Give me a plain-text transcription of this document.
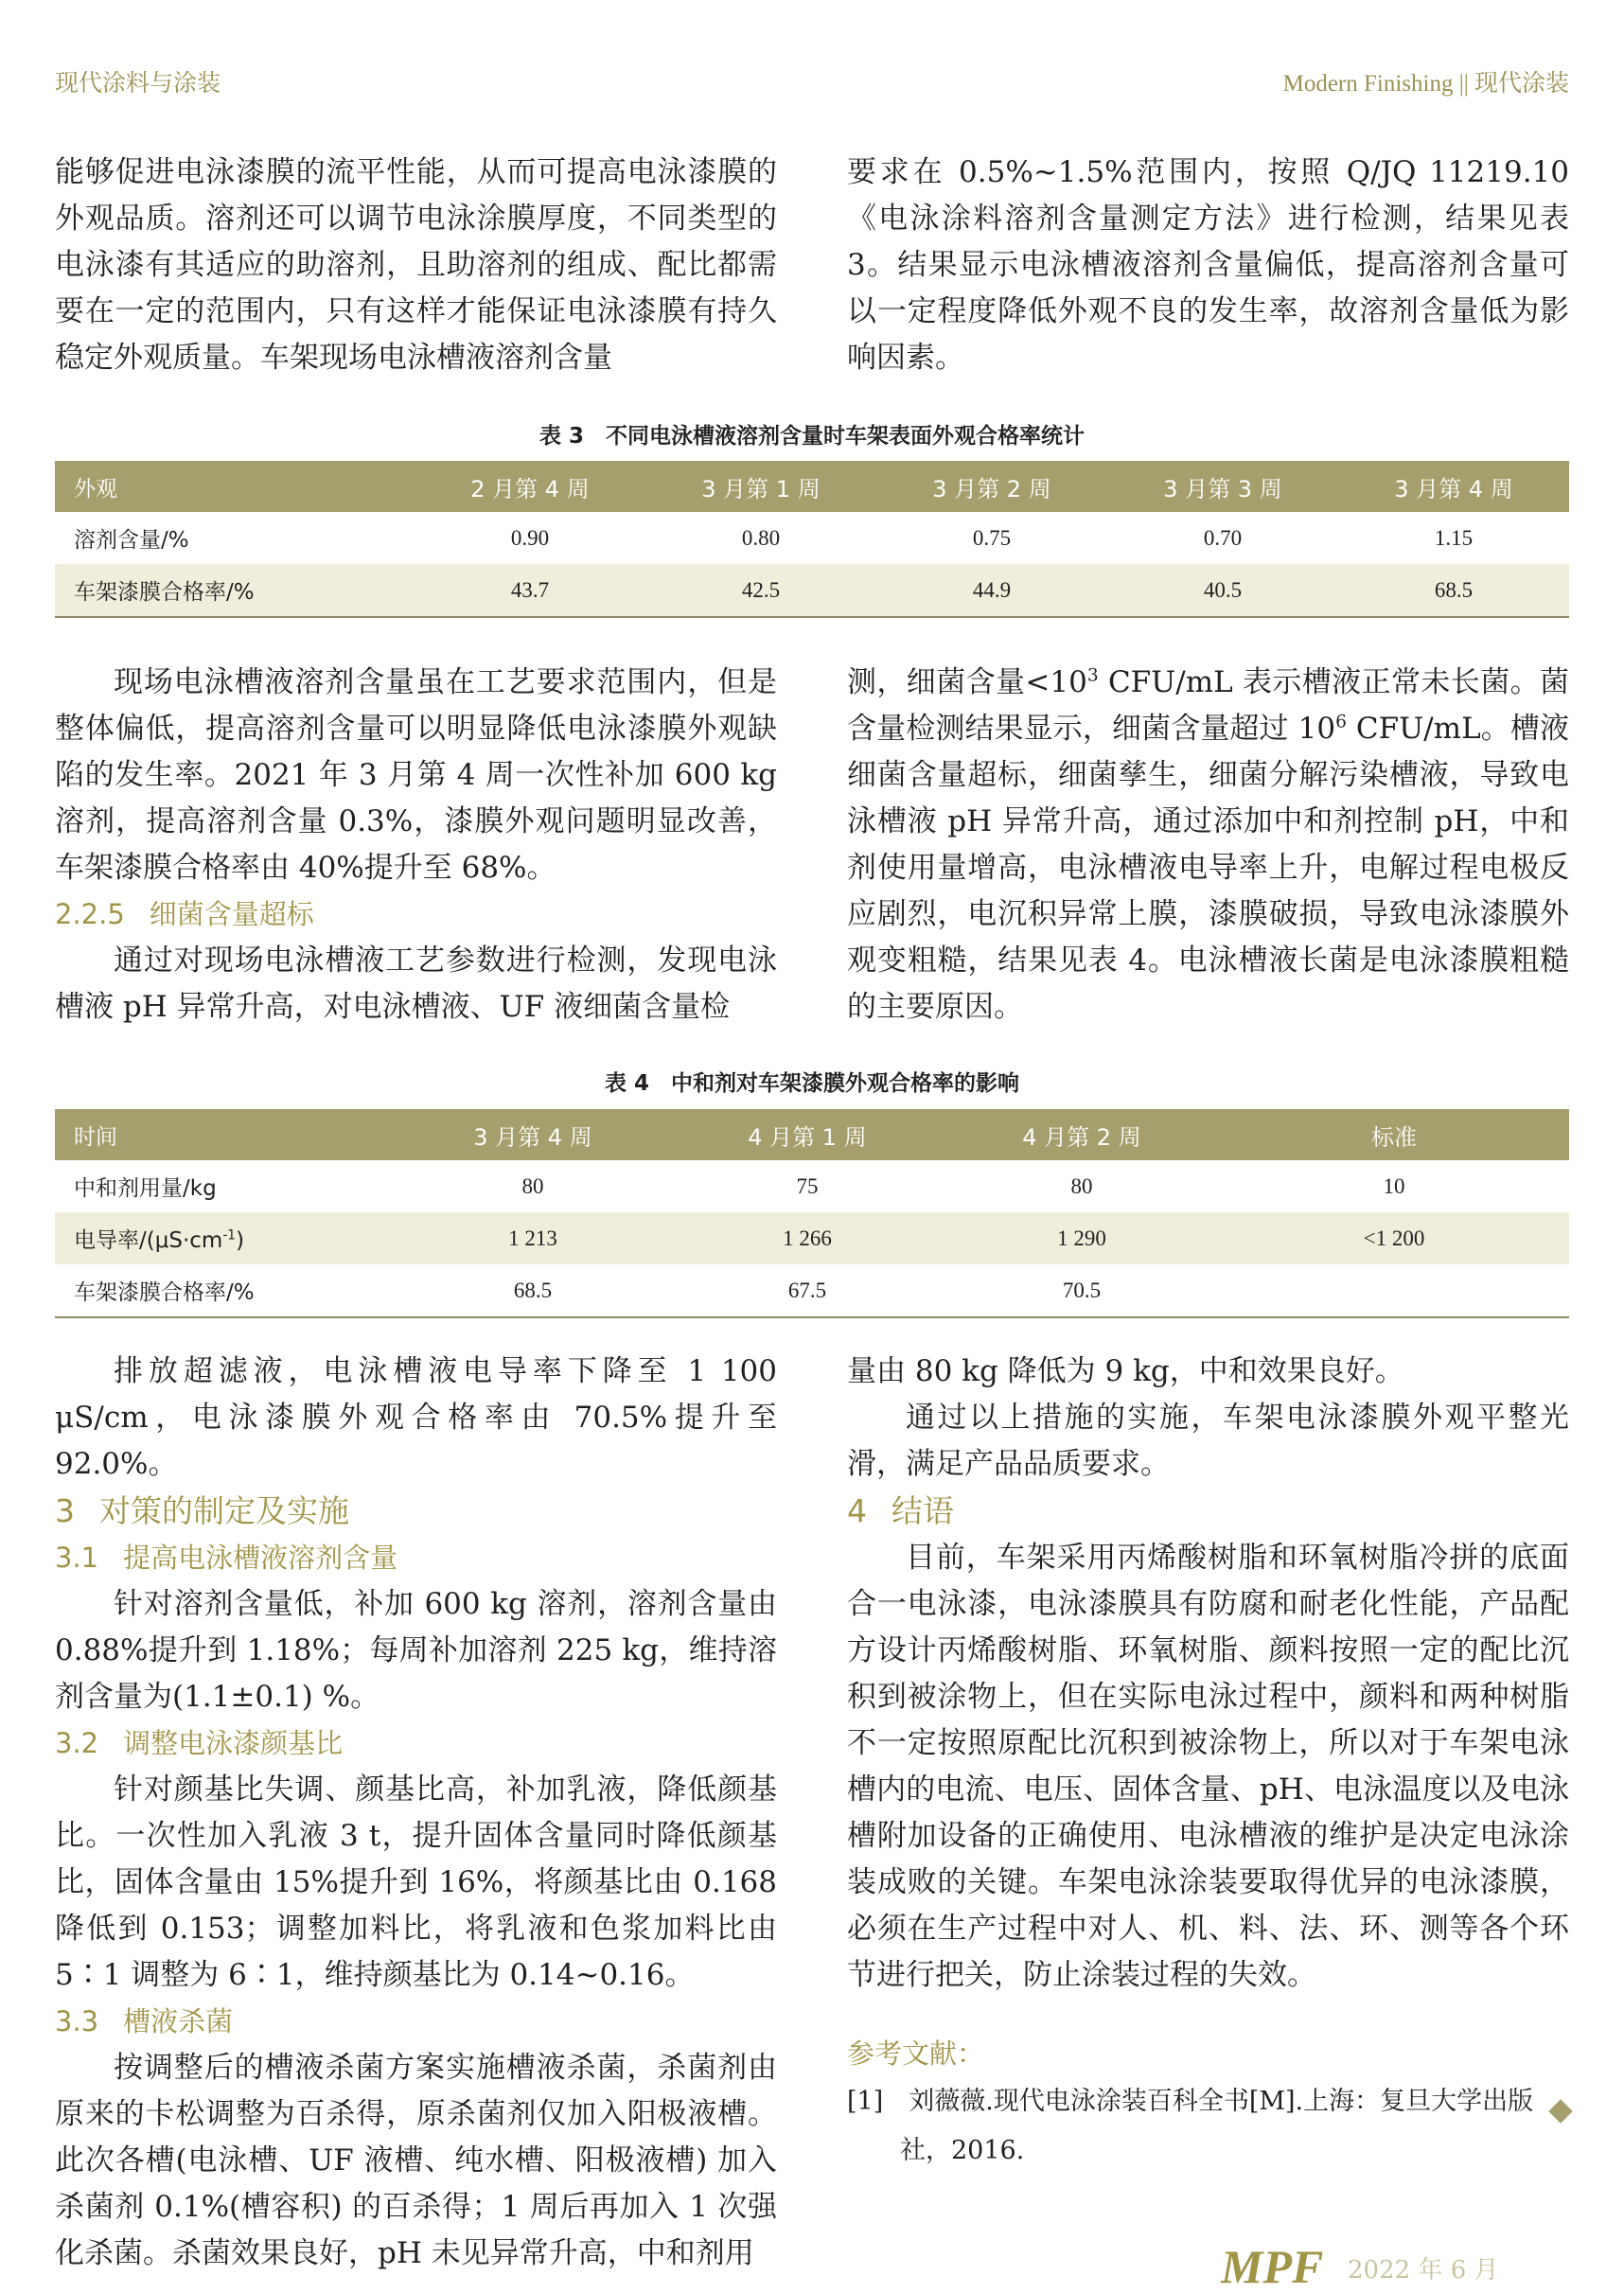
现代涂料与涂装	Modern Finishing || 现代涂装

能够促进电泳漆膜的流平性能，从而可提高电泳漆膜的外观品质。溶剂还可以调节电泳涂膜厚度，不同类型的电泳漆有其适应的助溶剂，且助溶剂的组成、配比都需要在一定的范围内，只有这样才能保证电泳漆膜有持久稳定外观质量。车架现场电泳槽液溶剂含量

要求在 0.5%~1.5%范围内，按照 Q/JQ 11219.10《电泳涂料溶剂含量测定方法》进行检测，结果见表 3。结果显示电泳槽液溶剂含量偏低，提高溶剂含量可以一定程度降低外观不良的发生率，故溶剂含量低为影响因素。

表 3　不同电泳槽液溶剂含量时车架表面外观合格率统计
外观	2 月第 4 周	3 月第 1 周	3 月第 2 周	3 月第 3 周	3 月第 4 周
溶剂含量/%	0.90	0.80	0.75	0.70	1.15
车架漆膜合格率/%	43.7	42.5	44.9	40.5	68.5

现场电泳槽液溶剂含量虽在工艺要求范围内，但是整体偏低，提高溶剂含量可以明显降低电泳漆膜外观缺陷的发生率。2021 年 3 月第 4 周一次性补加 600 kg 溶剂，提高溶剂含量 0.3%，漆膜外观问题明显改善，车架漆膜合格率由 40%提升至 68%。

2.2.5 细菌含量超标

通过对现场电泳槽液工艺参数进行检测，发现电泳槽液 pH 异常升高，对电泳槽液、UF 液细菌含量检

测，细菌含量$<10^3$ CFU/mL 表示槽液正常未长菌。菌含量检测结果显示，细菌含量超过 $10^6$ CFU/mL。槽液细菌含量超标，细菌孳生，细菌分解污染槽液，导致电泳槽液 pH 异常升高，通过添加中和剂控制 pH，中和剂使用量增高，电泳槽液电导率上升，电解过程电极反应剧烈，电沉积异常上膜，漆膜破损，导致电泳漆膜外观变粗糙，结果见表 4。电泳槽液长菌是电泳漆膜粗糙的主要原因。

表 4　中和剂对车架漆膜外观合格率的影响
时间	3 月第 4 周	4 月第 1 周	4 月第 2 周	标准
中和剂用量/kg	80	75	80	10
电导率$/(\mu S\cdot cm^{-1})$	1 213	1 266	1 290	<1 200
车架漆膜合格率/%	68.5	67.5	70.5	

排放超滤液，电泳槽液电导率下降至 1 100 μS/cm，电泳漆膜外观合格率由 70.5%提升至 92.0%。

3 对策的制定及实施

3.1 提高电泳槽液溶剂含量

针对溶剂含量低，补加 600 kg 溶剂，溶剂含量由 0.88%提升到 1.18%；每周补加溶剂 225 kg，维持溶剂含量为(1.1±0.1) %。

3.2 调整电泳漆颜基比

针对颜基比失调、颜基比高，补加乳液，降低颜基比。一次性加入乳液 3 t，提升固体含量同时降低颜基比，固体含量由 15%提升到 16%，将颜基比由 0.168 降低到 0.153；调整加料比，将乳液和色浆加料比由 5∶1 调整为 6∶1，维持颜基比为 0.14~0.16。

3.3 槽液杀菌

按调整后的槽液杀菌方案实施槽液杀菌，杀菌剂由原来的卡松调整为百杀得，原杀菌剂仅加入阳极液槽。此次各槽(电泳槽、UF 液槽、纯水槽、阳极液槽) 加入杀菌剂 0.1%(槽容积) 的百杀得；1 周后再加入 1 次强化杀菌。杀菌效果良好，pH 未见异常升高，中和剂用

量由 80 kg 降低为 9 kg，中和效果良好。

通过以上措施的实施，车架电泳漆膜外观平整光滑，满足产品品质要求。

4 结语

目前，车架采用丙烯酸树脂和环氧树脂冷拼的底面合一电泳漆，电泳漆膜具有防腐和耐老化性能，产品配方设计丙烯酸树脂、环氧树脂、颜料按照一定的配比沉积到被涂物上，但在实际电泳过程中，颜料和两种树脂不一定按照原配比沉积到被涂物上，所以对于车架电泳槽内的电流、电压、固体含量、pH、电泳温度以及电泳槽附加设备的正确使用、电泳槽液的维护是决定电泳涂装成败的关键。车架电泳涂装要取得优异的电泳漆膜，必须在生产过程中对人、机、料、法、环、测等各个环节进行把关，防止涂装过程的失效。

参考文献：

[1]　刘薇薇.现代电泳涂装百科全书[M].上海：复旦大学出版社，2016.

MPF 2022 年 6 月
